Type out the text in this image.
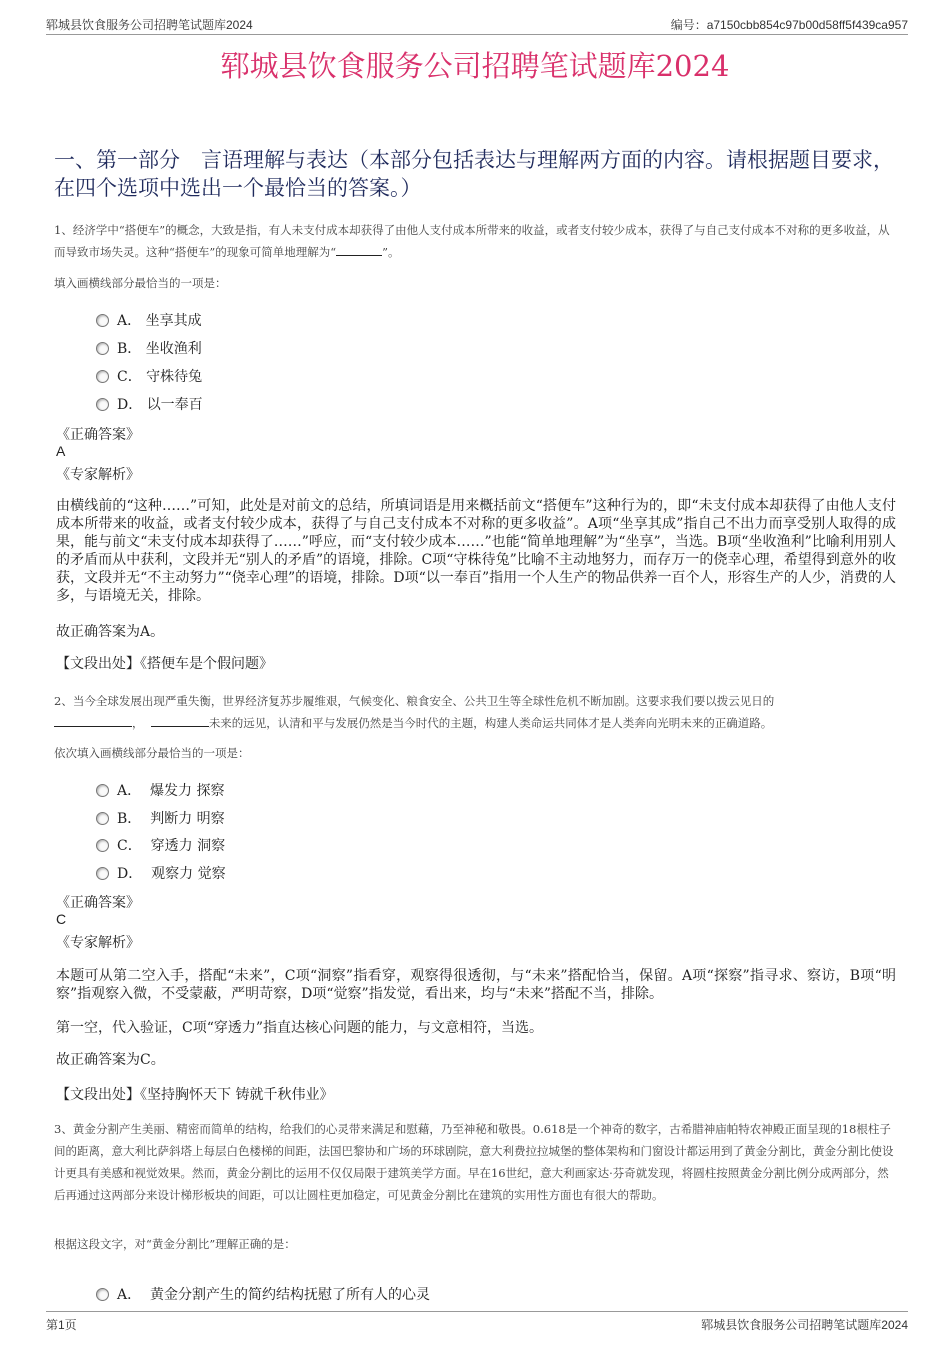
郓城县饮食服务公司招聘笔试题库2024	编号：a7150cbb854c97b00d58ff5f439ca957
郓城县饮食服务公司招聘笔试题库2024
一、第一部分　言语理解与表达（本部分包括表达与理解两方面的内容。请根据题目要求，在四个选项中选出一个最恰当的答案。）
1、经济学中“搭便车”的概念，大致是指，有人未支付成本却获得了由他人支付成本所带来的收益，或者支付较少成本，获得了与自己支付成本不对称的更多收益，从而导致市场失灵。这种“搭便车”的现象可简单地理解为“	”。
填入画横线部分最恰当的一项是：
A．
坐享其成
B．
坐收渔利
C．
守株待兔
D．
以一奉百
《正确答案》
A
《专家解析》
由横线前的“这种……”可知，此处是对前文的总结，所填词语是用来概括前文“搭便车”这种行为的，即“未支付成本却获得了由他人支付成本所带来的收益，或者支付较少成本，获得了与自己支付成本不对称的更多收益”。A项“坐享其成”指自己不出力而享受别人取得的成果，能与前文“未支付成本却获得了……”呼应，而“支付较少成本……”也能“简单地理解”为“坐享”，当选。B项“坐收渔利”比喻利用别人的矛盾而从中获利，文段并无“别人的矛盾”的语境，排除。C项“守株待兔”比喻不主动地努力，而存万一的侥幸心理，希望得到意外的收获，文段并无“不主动努力”“侥幸心理”的语境，排除。D项“以一奉百”指用一个人生产的物品供养一百个人，形容生产的人少，消费的人多，与语境无关，排除。
故正确答案为A。
【文段出处】《搭便车是个假问题》
2、当今全球发展出现严重失衡，世界经济复苏步履维艰，气候变化、粮食安全、公共卫生等全球性危机不断加剧。这要求我们要以拨云见日的
，	未来的远见，认清和平与发展仍然是当今时代的主题，构建人类命运共同体才是人类奔向光明未来的正确道路。
依次填入画横线部分最恰当的一项是：
A．
爆发力 探察
B．
判断力 明察
C．
穿透力 洞察
D．
观察力 觉察
《正确答案》
C
《专家解析》
本题可从第二空入手，搭配“未来”，C项“洞察”指看穿，观察得很透彻，与“未来”搭配恰当，保留。A项“探察”指寻求、察访，B项“明察”指观察入微，不受蒙蔽，严明苛察，D项“觉察”指发觉，看出来，均与“未来”搭配不当，排除。
第一空，代入验证，C项“穿透力”指直达核心问题的能力，与文意相符，当选。
故正确答案为C。
【文段出处】《坚持胸怀天下 铸就千秋伟业》
3、黄金分割产生美丽、精密而简单的结构，给我们的心灵带来满足和慰藉，乃至神秘和敬畏。0.618是一个神奇的数字，古希腊神庙帕特农神殿正面呈现的18根柱子间的距离，意大利比萨斜塔上每层白色楼梯的间距，法国巴黎协和广场的环球剧院，意大利费拉拉城堡的整体架构和门窗设计都运用到了黄金分割比，黄金分割比使设计更具有美感和视觉效果。然而，黄金分割比的运用不仅仅局限于建筑美学方面。早在16世纪，意大利画家达·芬奇就发现，将圆柱按照黄金分割比例分成两部分，然后再通过这两部分来设计梯形板块的间距，可以让圆柱更加稳定，可见黄金分割比在建筑的实用性方面也有很大的帮助。
根据这段文字，对“黄金分割比”理解正确的是：
A．
黄金分割产生的简约结构抚慰了所有人的心灵
第1页	郓城县饮食服务公司招聘笔试题库2024
